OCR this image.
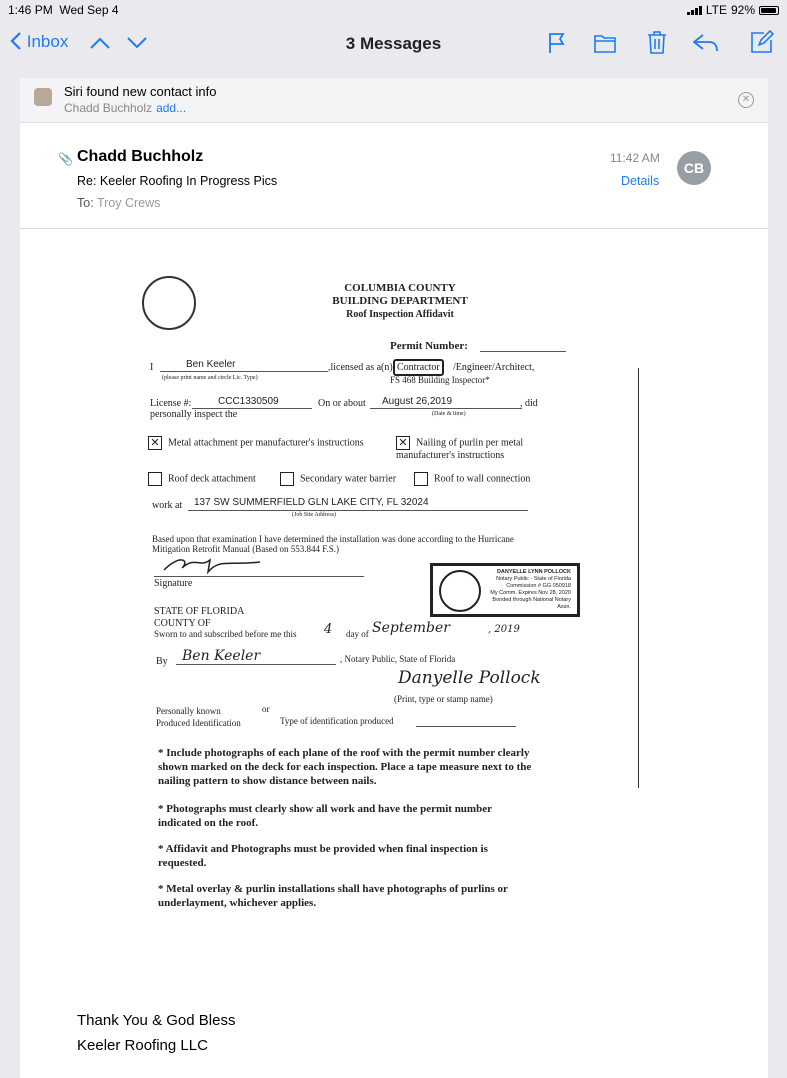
1:46 PM Wed Sep 4	LTE 92%
Inbox	3 Messages
Siri found new contact info
Chadd Buchholz add...
✕
📎 Chadd Buchholz
Re: Keeler Roofing In Progress Pics
To: Troy Crews
11:42 AM
Details
CB
COLUMBIA COUNTY
BUILDING DEPARTMENT
Roof Inspection Affidavit
Permit Number:
I	Ben Keeler	,licensed as a(n) Contractor	/Engineer/Architect,
FS 468 Building Inspector*
(please print name and circle Lic. Type)
License #:	CCC1330509	On or about August 26,2019	, did
personally inspect the	(Date & time)
✕ Metal attachment per manufacturer's instructions	✕ Nailing of purlin per metal manufacturer's instructions
Roof deck attachment	Secondary water barrier	Roof to wall connection
work at 137 SW SUMMERFIELD GLN LAKE CITY, FL 32024
(Job Site Address)
Based upon that examination I have determined the installation was done according to the Hurricane Mitigation Retrofit Manual (Based on 553.844 F.S.)
Signature
DANYELLE LYNN POLLOCK
Notary Public - State of Florida
Commission # GG 050918
My Comm. Expires Nov 28, 2020
Bonded through National Notary Assn.
STATE OF FLORIDA
COUNTY OF
Sworn to and subscribed before me this 4 day of September	, 2019
By Ben Keeler	, Notary Public, State of Florida
Danyelle Pollock
(Print, type or stamp name)
Personally known	or
Produced Identification	Type of identification produced
* Include photographs of each plane of the roof with the permit number clearly shown marked on the deck for each inspection. Place a tape measure next to the nailing pattern to show distance between nails.
* Photographs must clearly show all work and have the permit number indicated on the roof.
* Affidavit and Photographs must be provided when final inspection is requested.
* Metal overlay & purlin installations shall have photographs of purlins or underlayment, whichever applies.
Thank You & God Bless
Keeler Roofing LLC
